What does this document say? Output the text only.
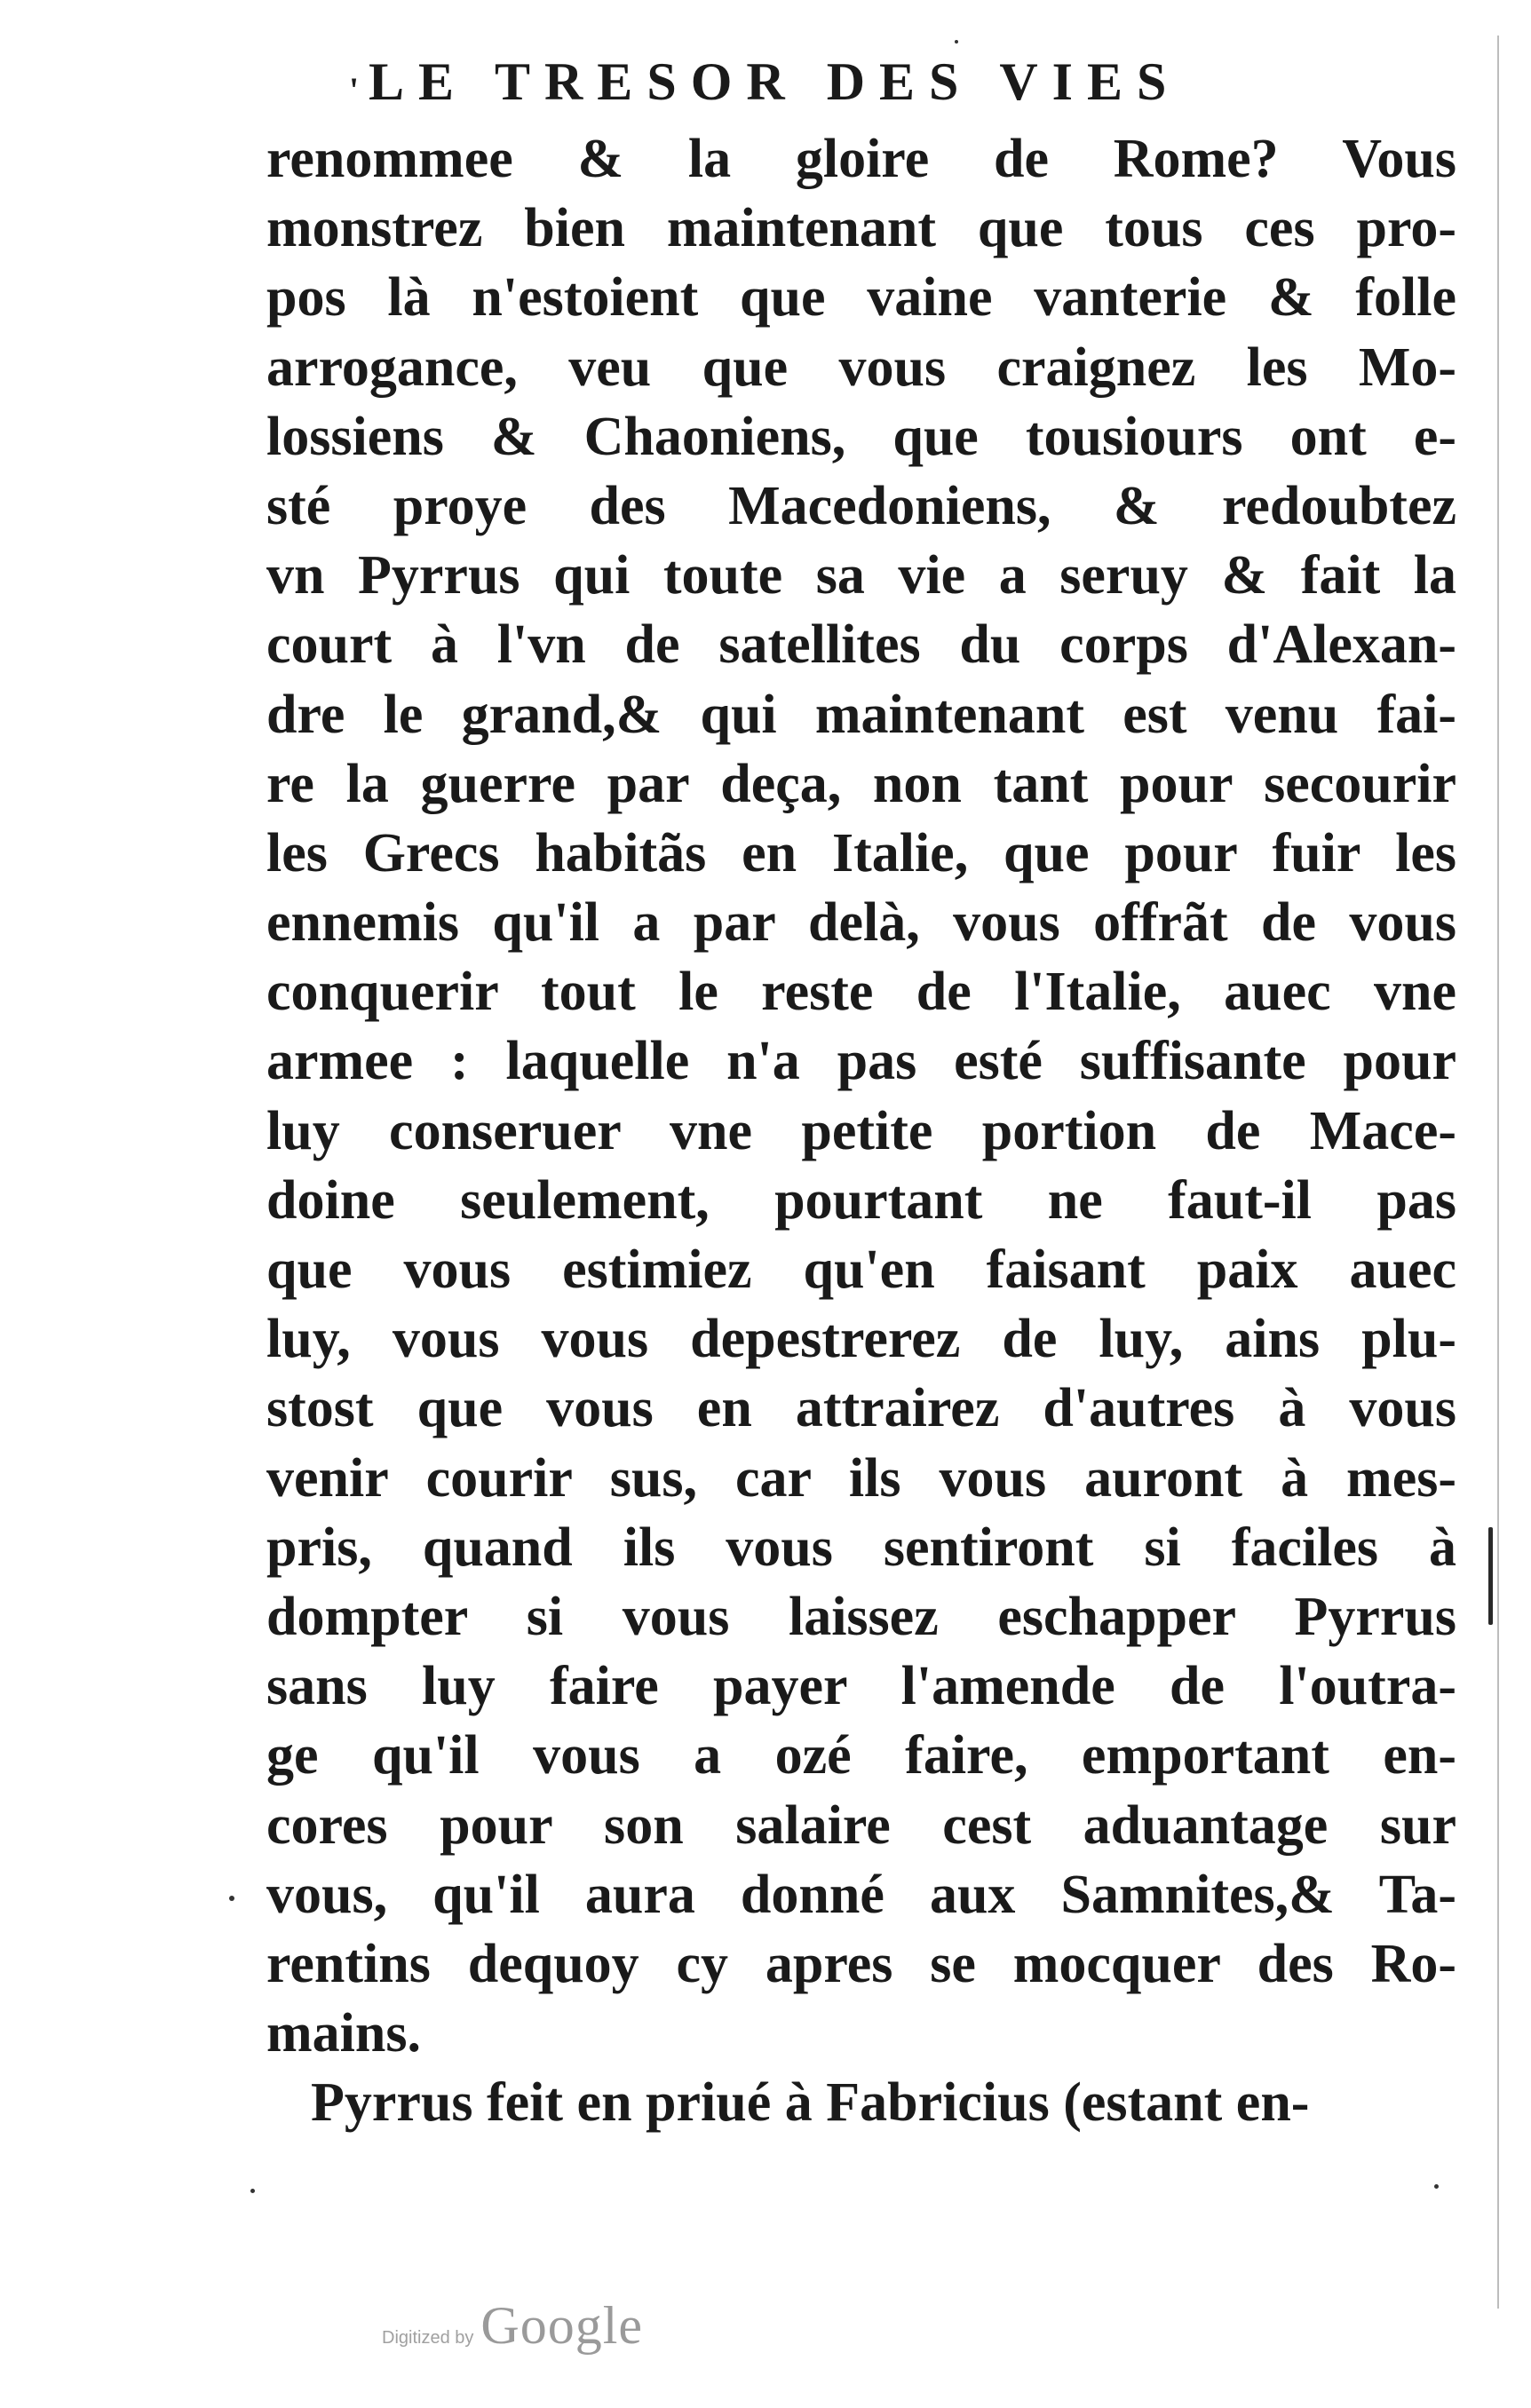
' LE TRESOR DES VIES
renommee & la gloire de Rome? Vous
monstrez bien maintenant que tous ces pro-
pos là n'estoient que vaine vanterie & folle
arrogance, veu que vous craignez les Mo-
lossiens & Chaoniens, que tousiours ont e-
sté proye des Macedoniens, & redoubtez
vn Pyrrus qui toute sa vie a seruy & fait la
court à l'vn de satellites du corps d'Alexan-
dre le grand,& qui maintenant est venu fai-
re la guerre par deça, non tant pour secourir
les Grecs habitãs en Italie, que pour fuir les
ennemis qu'il a par delà, vous offrãt de vous
conquerir tout le reste de l'Italie, auec vne
armee : laquelle n'a pas esté suffisante pour
luy conseruer vne petite portion de Mace-
doine seulement, pourtant ne faut-il pas
que vous estimiez qu'en faisant paix auec
luy, vous vous depestrerez de luy, ains plu-
stost que vous en attrairez d'autres à vous
venir courir sus, car ils vous auront à mes-
pris, quand ils vous sentiront si faciles à
dompter si vous laissez eschapper Pyrrus
sans luy faire payer l'amende de l'outra-
ge qu'il vous a ozé faire, emportant en-
cores pour son salaire cest aduantage sur
vous, qu'il aura donné aux Samnites,& Ta-
rentins dequoy cy apres se mocquer des Ro-
mains.
Pyrrus feit en priué à Fabricius (estant en-
Digitized by Google
